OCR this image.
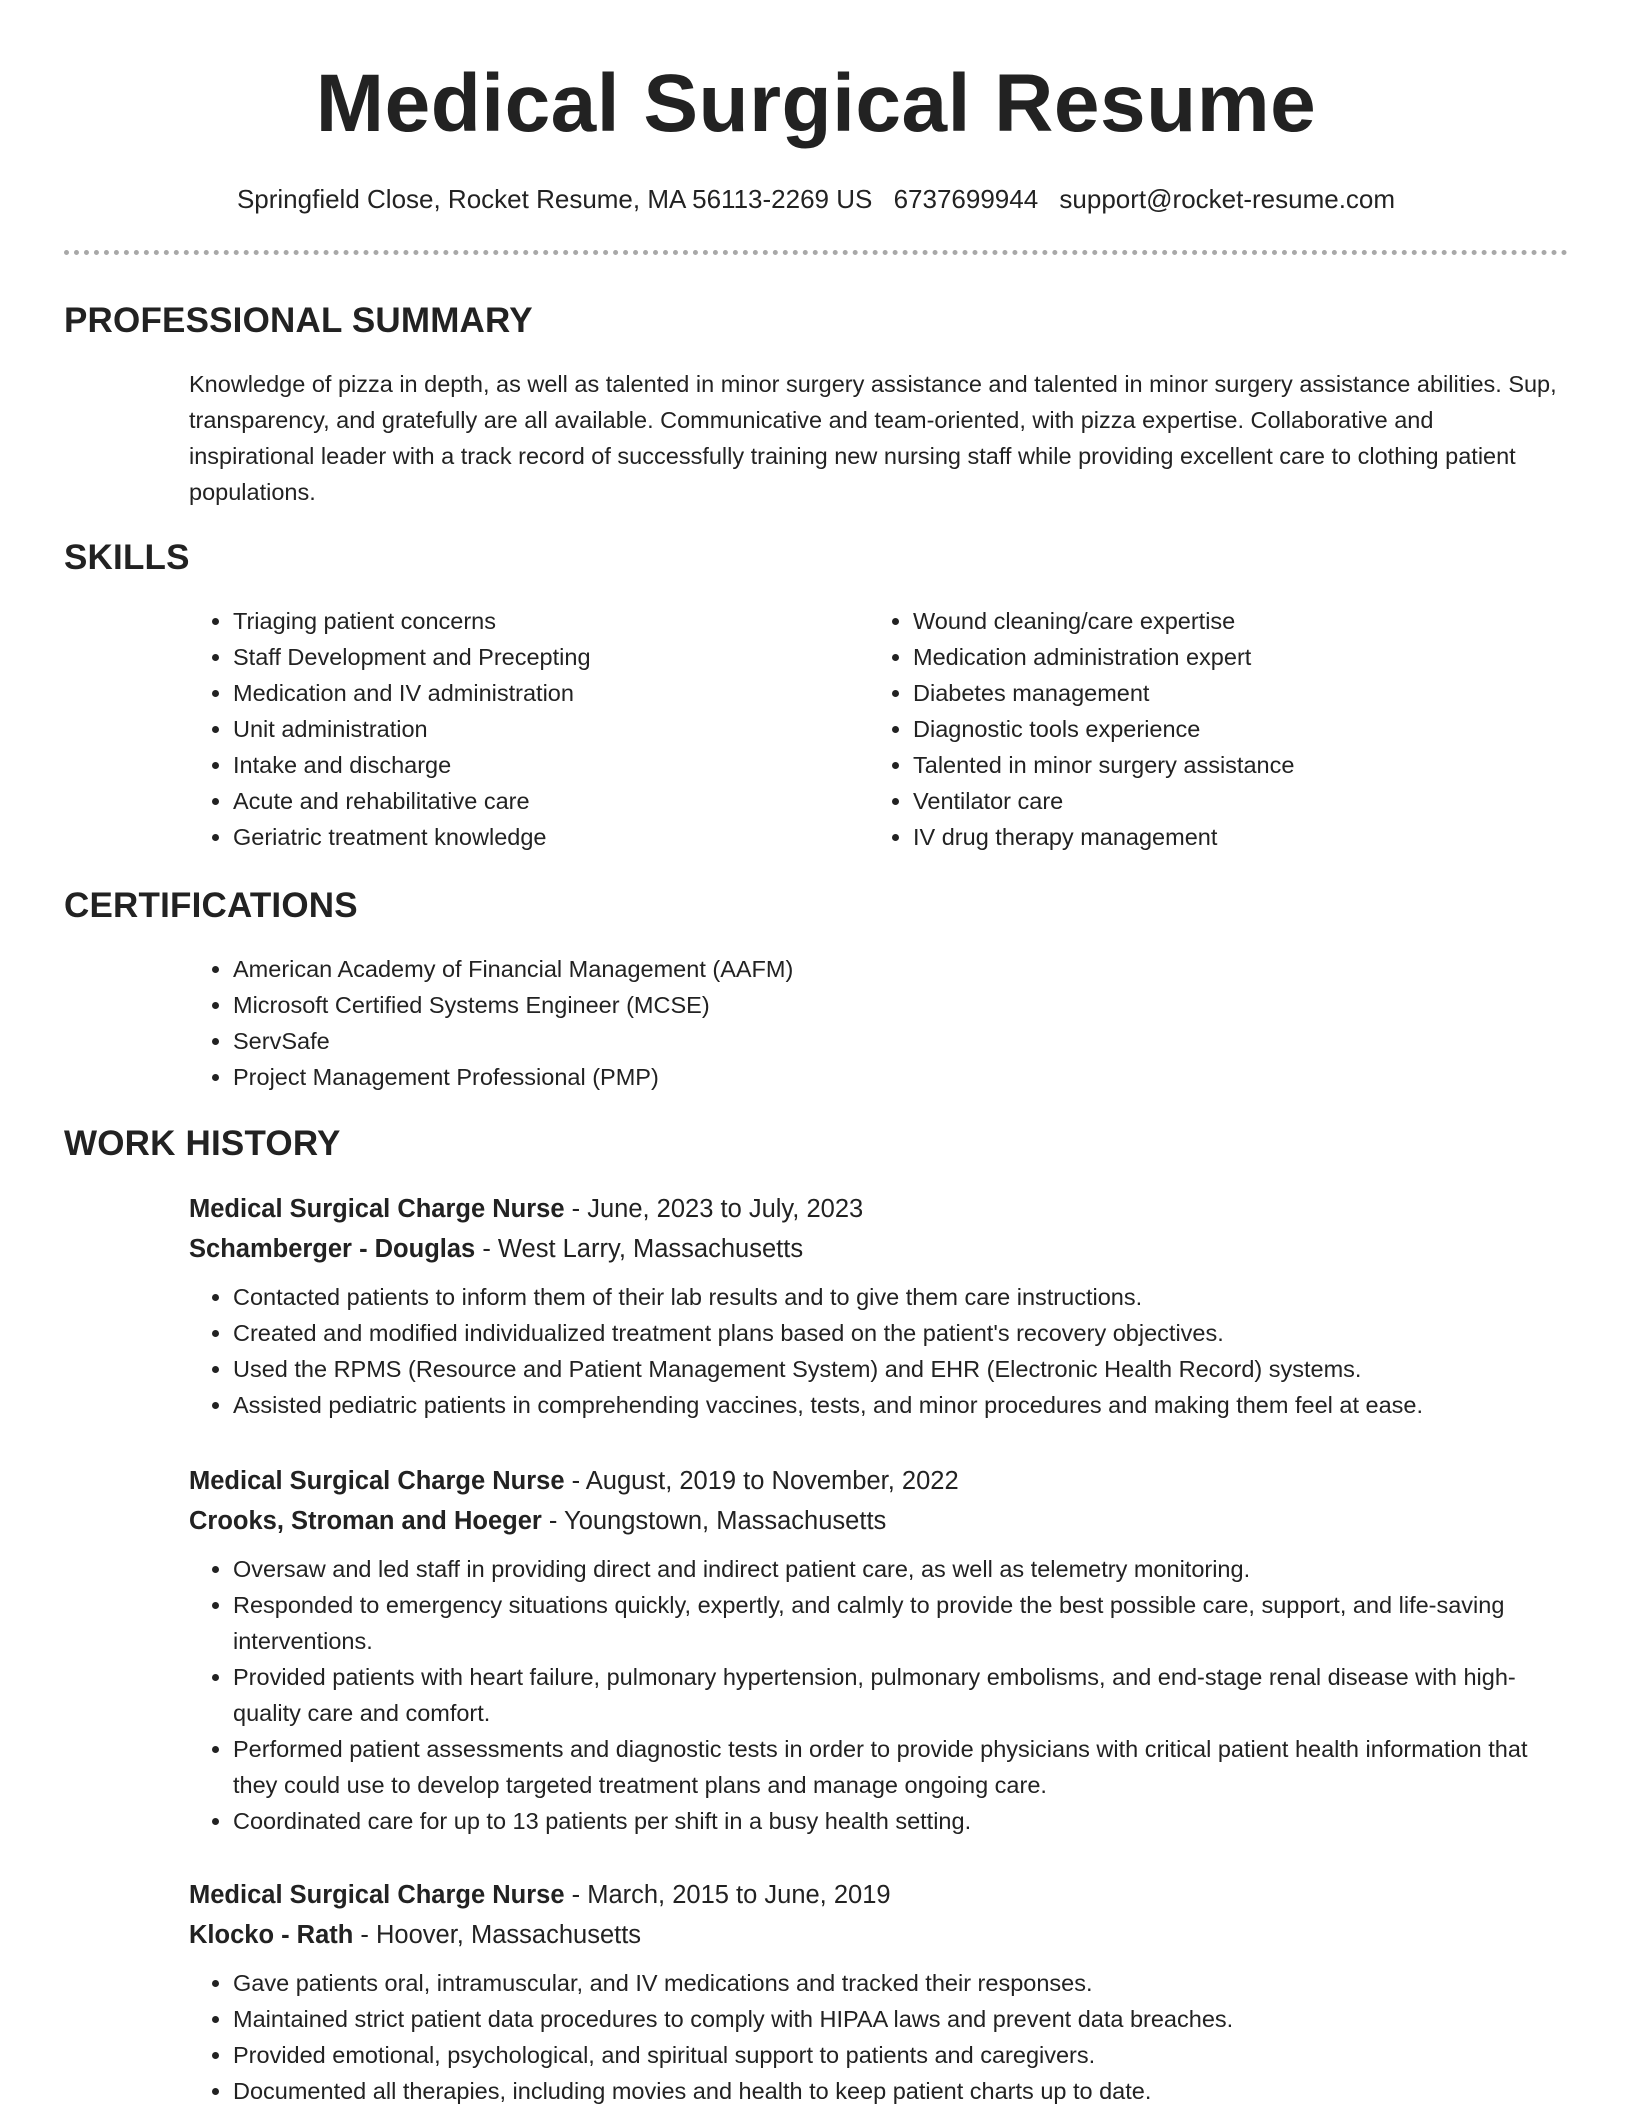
Medical Surgical Resume
Springfield Close, Rocket Resume, MA 56113-2269 US 6737699944 support@rocket-resume.com
PROFESSIONAL SUMMARY

Knowledge of pizza in depth, as well as talented in minor surgery assistance and talented in minor surgery assistance abilities. Sup, transparency, and gratefully are all available. Communicative and team-oriented, with pizza expertise. Collaborative and inspirational leader with a track record of successfully training new nursing staff while providing excellent care to clothing patient populations.

SKILLS
• Triaging patient concerns
• Staff Development and Precepting
• Medication and IV administration
• Unit administration
• Intake and discharge
• Acute and rehabilitative care
• Geriatric treatment knowledge
• Wound cleaning/care expertise
• Medication administration expert
• Diabetes management
• Diagnostic tools experience
• Talented in minor surgery assistance
• Ventilator care
• IV drug therapy management
CERTIFICATIONS
• American Academy of Financial Management (AAFM)
• Microsoft Certified Systems Engineer (MCSE)
• ServSafe
• Project Management Professional (PMP)
WORK HISTORY
Medical Surgical Charge Nurse - June, 2023 to July, 2023
Schamberger - Douglas - West Larry, Massachusetts
• Contacted patients to inform them of their lab results and to give them care instructions.
• Created and modified individualized treatment plans based on the patient's recovery objectives.
• Used the RPMS (Resource and Patient Management System) and EHR (Electronic Health Record) systems.
• Assisted pediatric patients in comprehending vaccines, tests, and minor procedures and making them feel at ease.
Medical Surgical Charge Nurse - August, 2019 to November, 2022
Crooks, Stroman and Hoeger - Youngstown, Massachusetts
• Oversaw and led staff in providing direct and indirect patient care, as well as telemetry monitoring.
• Responded to emergency situations quickly, expertly, and calmly to provide the best possible care, support, and life-saving interventions.
• Provided patients with heart failure, pulmonary hypertension, pulmonary embolisms, and end-stage renal disease with high-quality care and comfort.
• Performed patient assessments and diagnostic tests in order to provide physicians with critical patient health information that they could use to develop targeted treatment plans and manage ongoing care.
• Coordinated care for up to 13 patients per shift in a busy health setting.
Medical Surgical Charge Nurse - March, 2015 to June, 2019
Klocko - Rath - Hoover, Massachusetts
• Gave patients oral, intramuscular, and IV medications and tracked their responses.
• Maintained strict patient data procedures to comply with HIPAA laws and prevent data breaches.
• Provided emotional, psychological, and spiritual support to patients and caregivers.
• Documented all therapies, including movies and health to keep patient charts up to date.
